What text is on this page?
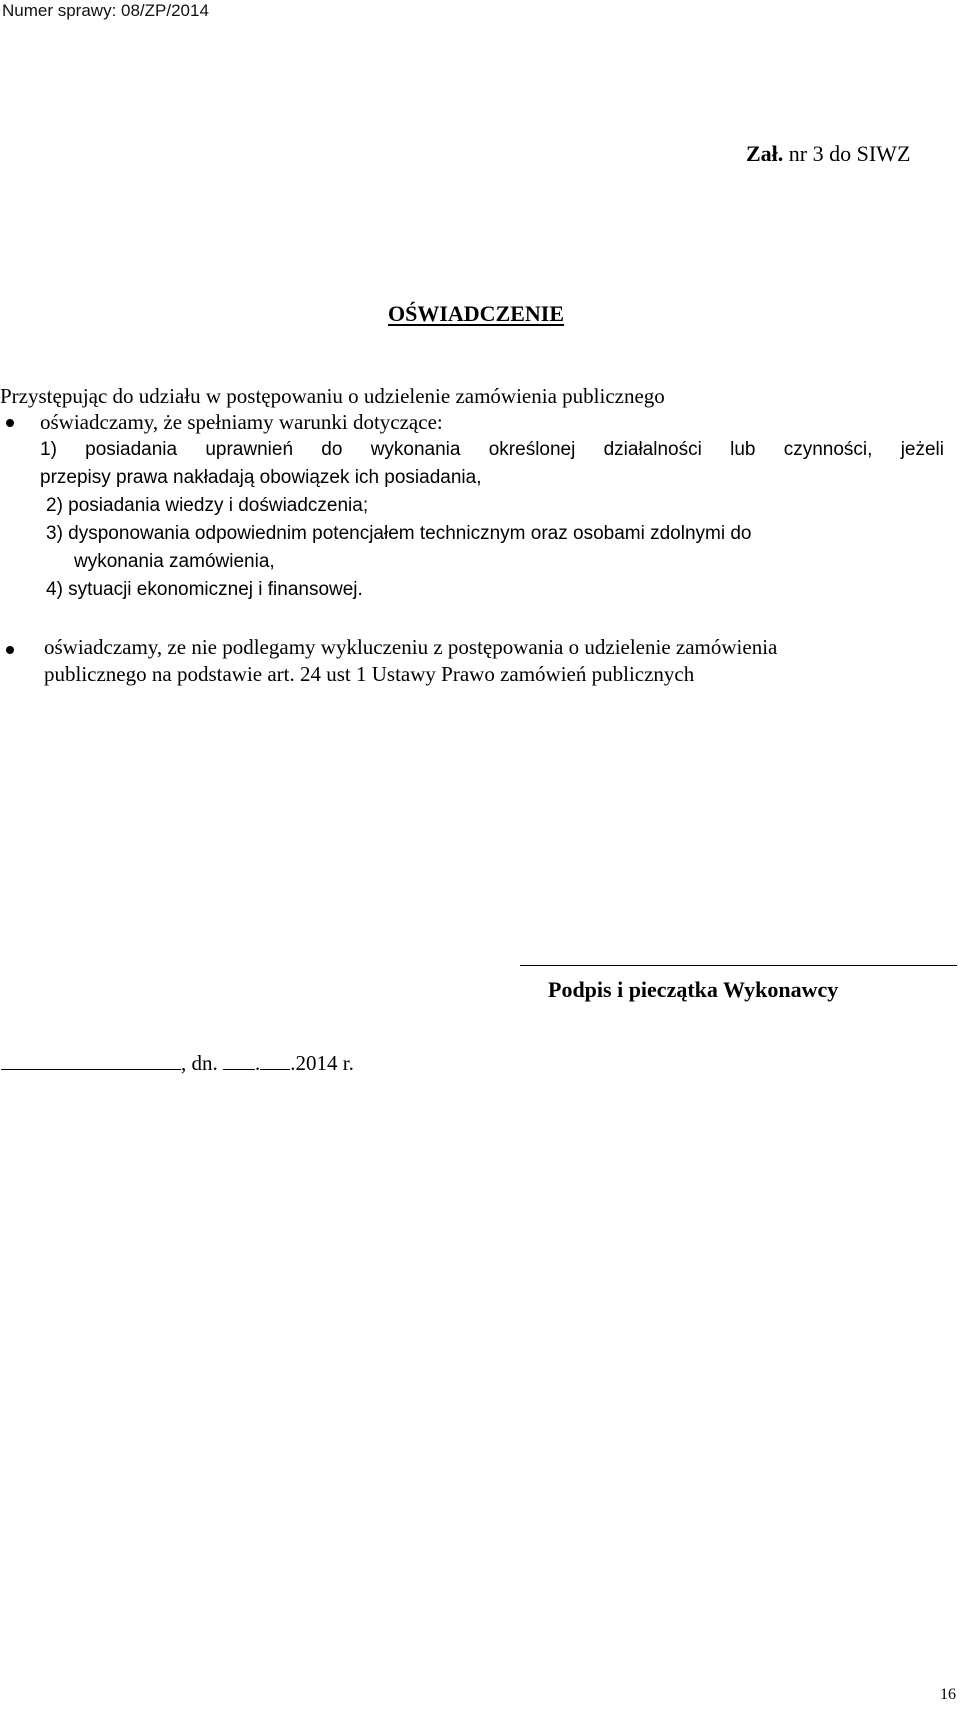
Numer sprawy: 08/ZP/2014
Zał. nr 3 do SIWZ
OŚWIADCZENIE
Przystępując do udziału w postępowaniu o udzielenie zamówienia publicznego
oświadczamy, że spełniamy warunki dotyczące:
1) posiadania uprawnień do wykonania określonej działalności lub czynności, jeżeli
przepisy prawa nakładają obowiązek ich posiadania,
2) posiadania wiedzy i doświadczenia;
3) dysponowania odpowiednim potencjałem technicznym oraz osobami zdolnymi do
wykonania zamówienia,
4) sytuacji ekonomicznej i finansowej.
oświadczamy, ze nie podlegamy wykluczeniu z postępowania o udzielenie zamówienia
publicznego na podstawie art. 24 ust 1 Ustawy Prawo zamówień publicznych
Podpis i pieczątka Wykonawcy
, dn. . .2014 r.
16
